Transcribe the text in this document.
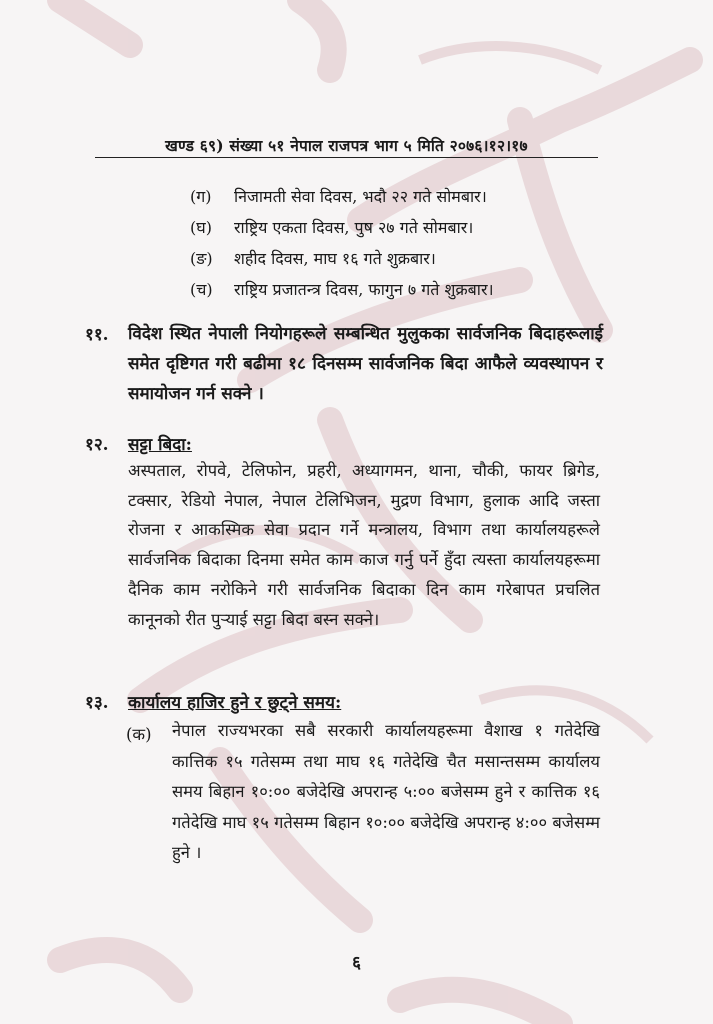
खण्ड ६९) संख्या ५१ नेपाल राजपत्र भाग ५ मिति २०७६।१२।१७
(ग)	निजामती सेवा दिवस, भदौ २२ गते सोमबार।
(घ)	राष्ट्रिय एकता दिवस, पुष २७ गते सोमबार।
(ङ)	शहीद दिवस, माघ १६ गते शुक्रबार।
(च)	राष्ट्रिय प्रजातन्त्र दिवस, फागुन ७ गते शुक्रबार।
११. विदेश स्थित नेपाली नियोगहरूले सम्बन्धित मुलुकका सार्वजनिक बिदाहरूलाई समेत दृष्टिगत गरी बढीमा १८ दिनसम्म सार्वजनिक बिदा आफैले व्यवस्थापन र समायोजन गर्न सक्ने ।
१२. सट्टा बिदा:
अस्पताल, रोपवे, टेलिफोन, प्रहरी, अध्यागमन, थाना, चौकी, फायर ब्रिगेड, टक्सार, रेडियो नेपाल, नेपाल टेलिभिजन, मुद्रण विभाग, हुलाक आदि जस्ता रोजना र आकस्मिक सेवा प्रदान गर्ने मन्त्रालय, विभाग तथा कार्यालयहरूले सार्वजनिक बिदाका दिनमा समेत काम काज गर्नु पर्ने हुँदा त्यस्ता कार्यालयहरूमा दैनिक काम नरोकिने गरी सार्वजनिक बिदाका दिन काम गरेबापत प्रचलित कानूनको रीत पुऱ्याई सट्टा बिदा बस्न सक्ने।
१३. कार्यालय हाजिर हुने र छुट्ने समय:
(क) नेपाल राज्यभरका सबै सरकारी कार्यालयहरूमा वैशाख १ गतेदेखि कात्तिक १५ गतेसम्म तथा माघ १६ गतेदेखि चैत मसान्तसम्म कार्यालय समय बिहान १०:०० बजेदेखि अपरान्ह ५:०० बजेसम्म हुने र कात्तिक १६ गतेदेखि माघ १५ गतेसम्म बिहान १०:०० बजेदेखि अपरान्ह ४:०० बजेसम्म हुने ।
६
